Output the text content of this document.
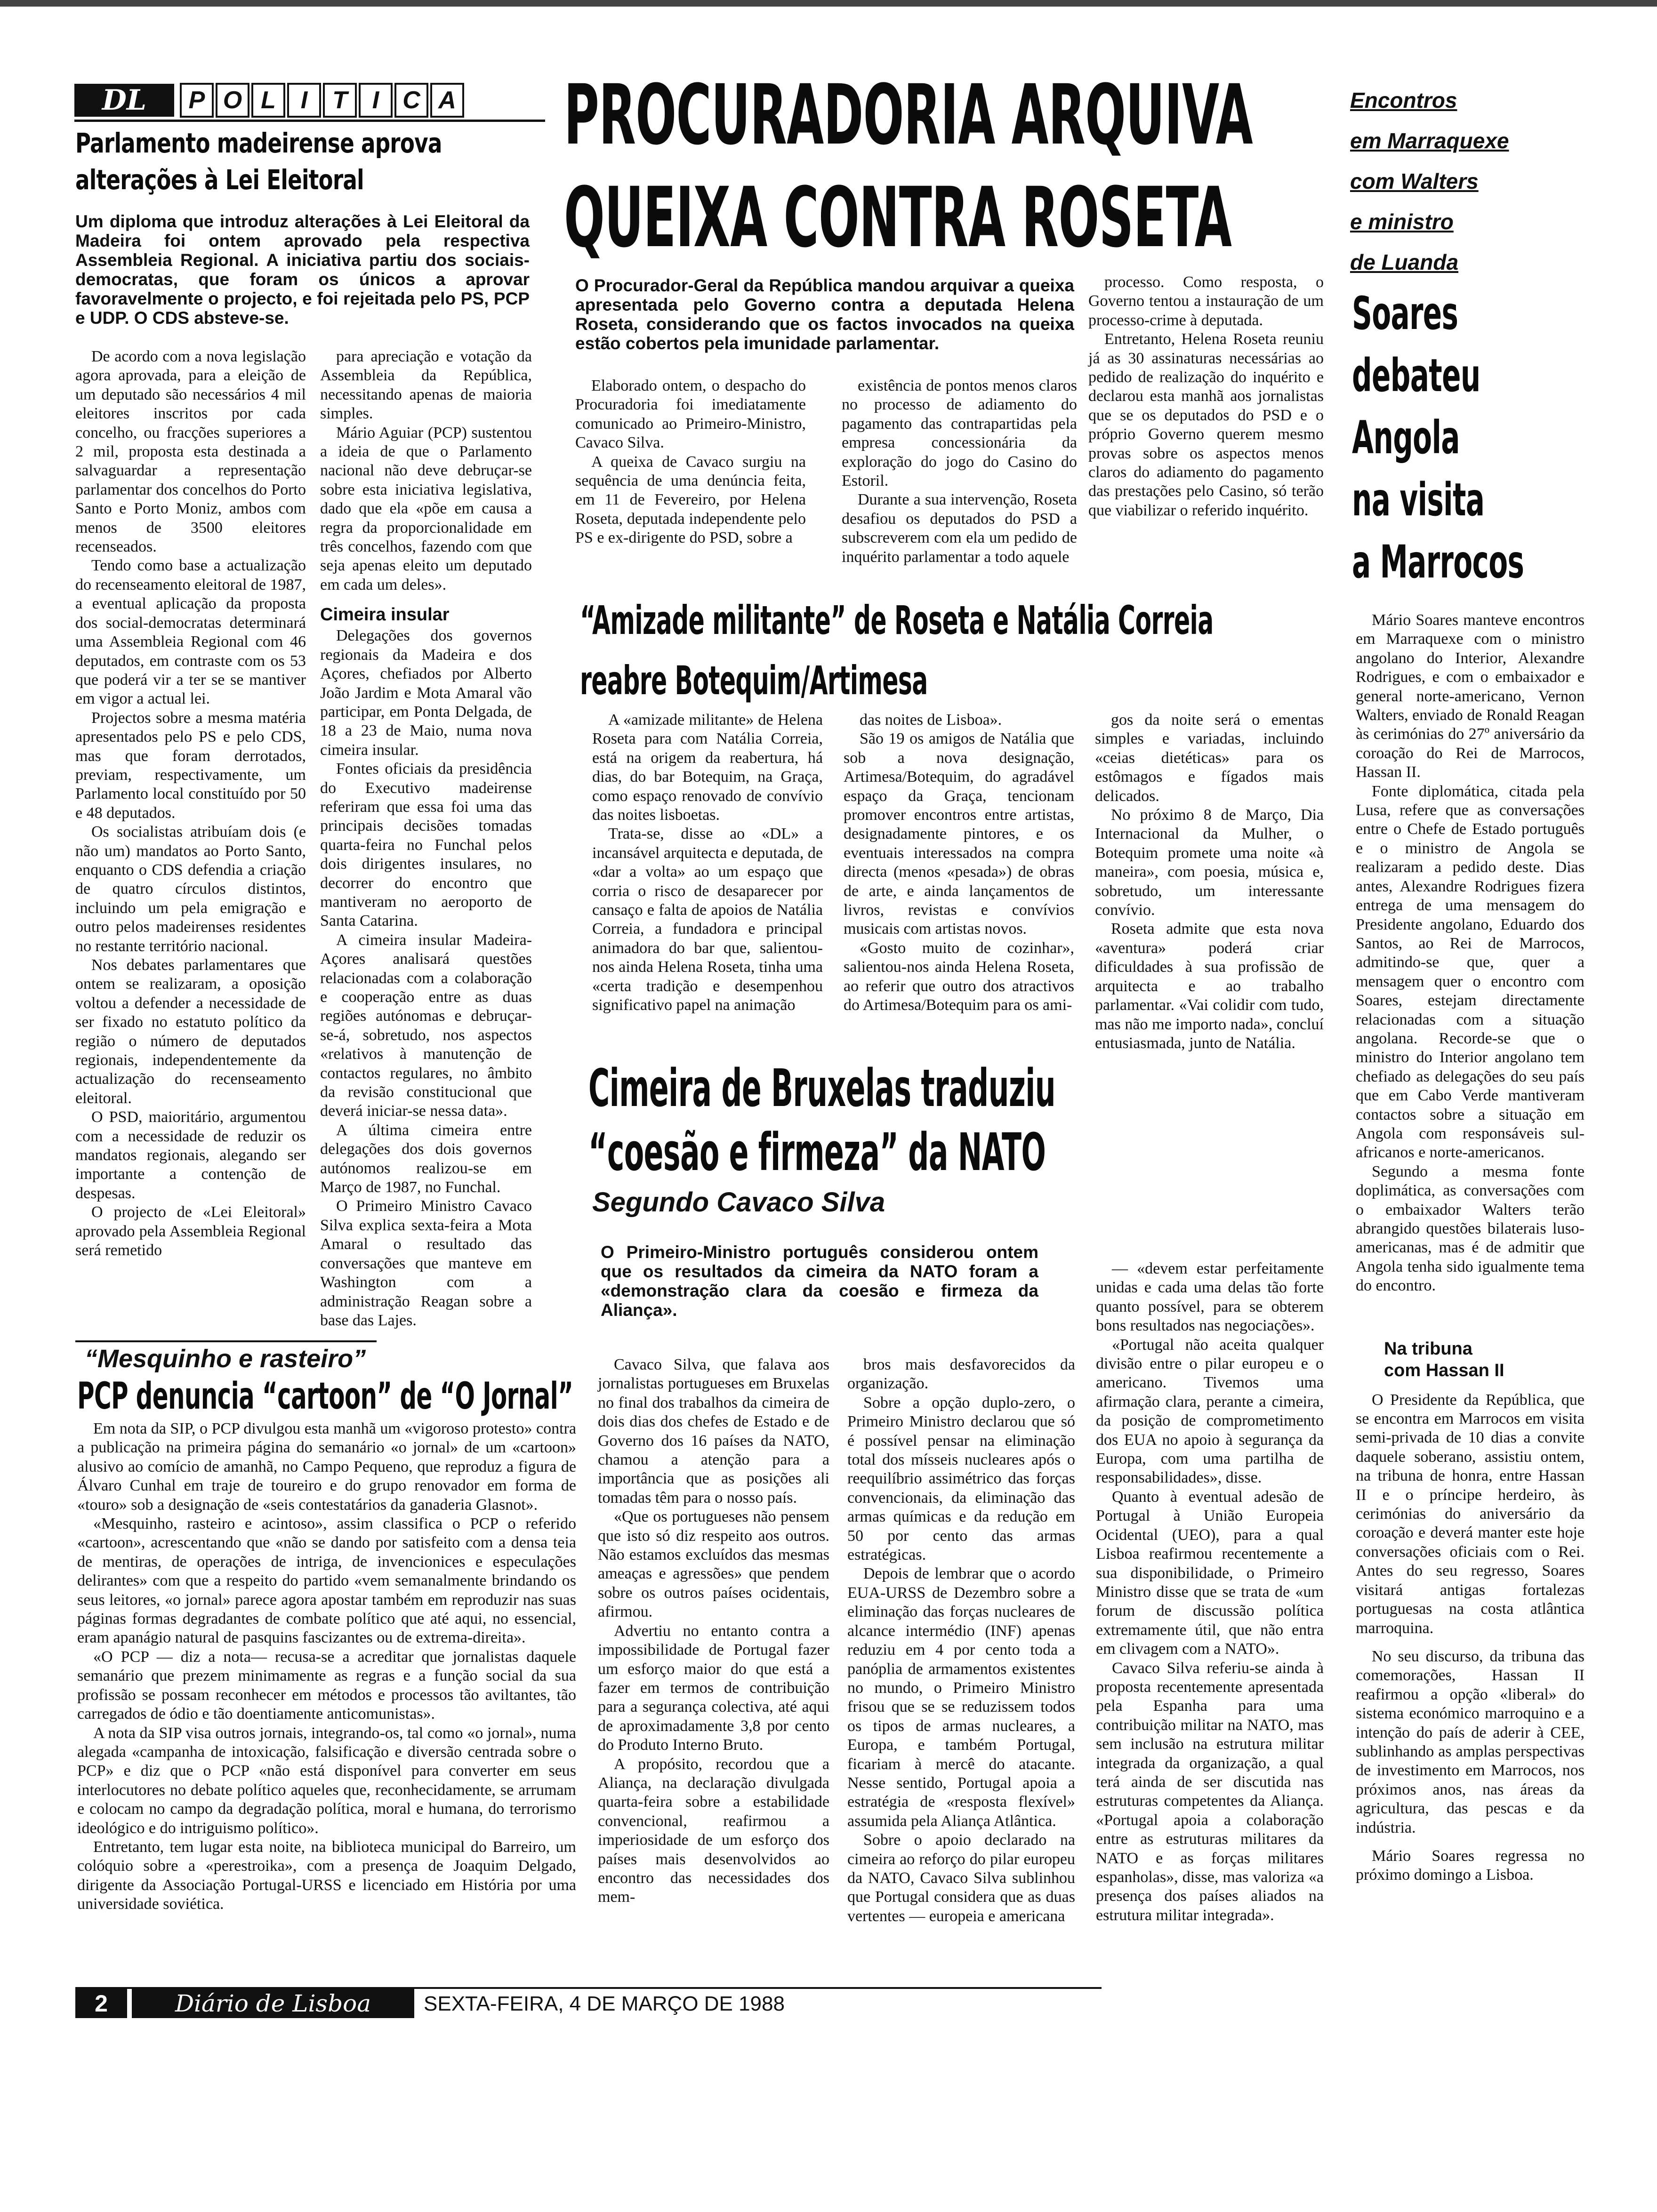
DL	P O L	I	T	I C A
Parlamento madeirense aprova
alterações à Lei Eleitoral
Um diploma que introduz alterações à Lei Eleitoral da Madeira foi ontem aprovado pela respectiva Assembleia Regional. A iniciativa partiu dos sociais-democratas, que foram os únicos a aprovar favoravelmente o projecto, e foi rejeitada pelo PS, PCP e UDP. O CDS absteve-se.

De acordo com a nova legislação agora aprovada, para a eleição de um deputado são necessários 4 mil eleitores inscritos por cada concelho, ou fracções superiores a 2 mil, proposta esta destinada a salvaguardar a representação parlamentar dos concelhos do Porto Santo e Porto Moniz, ambos com menos de 3500 eleitores recenseados.

Tendo como base a actualização do recenseamento eleitoral de 1987, a eventual aplicação da proposta dos social-democratas determinará uma Assembleia Regional com 46 deputados, em contraste com os 53 que poderá vir a ter se se mantiver em vigor a actual lei.

Projectos sobre a mesma matéria apresentados pelo PS e pelo CDS, mas que foram derrotados, previam, respectivamente, um Parlamento local constituído por 50 e 48 deputados.

Os socialistas atribuíam dois (e não um) mandatos ao Porto Santo, enquanto o CDS defendia a criação de quatro círculos distintos, incluindo um pela emigração e outro pelos madeirenses residentes no restante território nacional.

Nos debates parlamentares que ontem se realizaram, a oposição voltou a defender a necessidade de ser fixado no estatuto político da região o número de deputados regionais, independentemente da actualização do recenseamento eleitoral.

O PSD, maioritário, argumentou com a necessidade de reduzir os mandatos regionais, alegando ser importante a contenção de despesas.

O projecto de «Lei Eleitoral» aprovado pela Assembleia Regional será remetido

para apreciação e votação da Assembleia da República, necessitando apenas de maioria simples.

Mário Aguiar (PCP) sustentou a ideia de que o Parlamento nacional não deve debruçar-se sobre esta iniciativa legislativa, dado que ela «põe em causa a regra da proporcionalidade em três concelhos, fazendo com que seja apenas eleito um deputado em cada um deles».

Cimeira insular

Delegações dos governos regionais da Madeira e dos Açores, chefiados por Alberto João Jardim e Mota Amaral vão participar, em Ponta Delgada, de 18 a 23 de Maio, numa nova cimeira insular.

Fontes oficiais da presidência do Executivo madeirense referiram que essa foi uma das principais decisões tomadas quarta-feira no Funchal pelos dois dirigentes insulares, no decorrer do encontro que mantiveram no aeroporto de Santa Catarina.

A cimeira insular Madeira-Açores analisará questões relacionadas com a colaboração e cooperação entre as duas regiões autónomas e debruçar-se-á, sobretudo, nos aspectos «relativos à manutenção de contactos regulares, no âmbito da revisão constitucional que deverá iniciar-se nessa data».

A última cimeira entre delegações dos dois governos autónomos realizou-se em Março de 1987, no Funchal.

O Primeiro Ministro Cavaco Silva explica sexta-feira a Mota Amaral o resultado das conversações que manteve em Washington com a administração Reagan sobre a base das Lajes.

PROCURADORIA ARQUIVA
QUEIXA CONTRA ROSETA
O Procurador-Geral da República mandou arquivar a queixa apresentada pelo Governo contra a deputada Helena Roseta, considerando que os factos invocados na queixa estão cobertos pela imunidade parlamentar.

Elaborado ontem, o despacho do Procuradoria foi imediatamente comunicado ao Primeiro-Ministro, Cavaco Silva.

A queixa de Cavaco surgiu na sequência de uma denúncia feita, em 11 de Fevereiro, por Helena Roseta, deputada independente pelo PS e ex-dirigente do PSD, sobre a

existência de pontos menos claros no processo de adiamento do pagamento das contrapartidas pela empresa concessionária da exploração do jogo do Casino do Estoril.

Durante a sua intervenção, Roseta desafiou os deputados do PSD a subscreverem com ela um pedido de inquérito parlamentar a todo aquele

processo. Como resposta, o Governo tentou a instauração de um processo-crime à deputada.

Entretanto, Helena Roseta reuniu já as 30 assinaturas necessárias ao pedido de realização do inquérito e declarou esta manhã aos jornalistas que se os deputados do PSD e o próprio Governo querem mesmo provas sobre os aspectos menos claros do adiamento do pagamento das prestações pelo Casino, só terão que viabilizar o referido inquérito.

“Amizade militante” de Roseta e Natália Correia
reabre Botequim/Artimesa

A «amizade militante» de Helena Roseta para com Natália Correia, está na origem da reabertura, há dias, do bar Botequim, na Graça, como espaço renovado de convívio das noites lisboetas.

Trata-se, disse ao «DL» a incansável arquitecta e deputada, de «dar a volta» ao um espaço que corria o risco de desaparecer por cansaço e falta de apoios de Natália Correia, a fundadora e principal animadora do bar que, salientou-nos ainda Helena Roseta, tinha uma «certa tradição e desempenhou significativo papel na animação

das noites de Lisboa».

São 19 os amigos de Natália que sob a nova designação, Artimesa/Botequim, do agradável espaço da Graça, tencionam promover encontros entre artistas, designadamente pintores, e os eventuais interessados na compra directa (menos «pesada») de obras de arte, e ainda lançamentos de livros, revistas e convívios musicais com artistas novos.

«Gosto muito de cozinhar», salientou-nos ainda Helena Roseta, ao referir que outro dos atractivos do Artimesa/Botequim para os ami-

gos da noite será o ementas simples e variadas, incluindo «ceias dietéticas» para os estômagos e fígados mais delicados.

No próximo 8 de Março, Dia Internacional da Mulher, o Botequim promete uma noite «à maneira», com poesia, música e, sobretudo, um interessante convívio.

Roseta admite que esta nova «aventura» poderá criar dificuldades à sua profissão de arquitecta e ao trabalho parlamentar. «Vai colidir com tudo, mas não me importo nada», concluí entusiasmada, junto de Natália.

Cimeira de Bruxelas traduziu
“coesão e firmeza” da NATO
Segundo Cavaco Silva
O Primeiro-Ministro português considerou ontem que os resultados da cimeira da NATO foram a «demonstração clara da coesão e firmeza da Aliança».

Cavaco Silva, que falava aos jornalistas portugueses em Bruxelas no final dos trabalhos da cimeira de dois dias dos chefes de Estado e de Governo dos 16 países da NATO, chamou a atenção para a importância que as posições ali tomadas têm para o nosso país.

«Que os portugueses não pensem que isto só diz respeito aos outros. Não estamos excluídos das mesmas ameaças e agressões» que pendem sobre os outros países ocidentais, afirmou.

Advertiu no entanto contra a impossibilidade de Portugal fazer um esforço maior do que está a fazer em termos de contribuição para a segurança colectiva, até aqui de aproximadamente 3,8 por cento do Produto Interno Bruto.

A propósito, recordou que a Aliança, na declaração divulgada quarta-feira sobre a estabilidade convencional, reafirmou a imperiosidade de um esforço dos países mais desenvolvidos ao encontro das necessidades dos mem-

bros mais desfavorecidos da organização.

Sobre a opção duplo-zero, o Primeiro Ministro declarou que só é possível pensar na eliminação total dos mísseis nucleares após o reequilíbrio assimétrico das forças convencionais, da eliminação das armas químicas e da redução em 50 por cento das armas estratégicas.

Depois de lembrar que o acordo EUA-URSS de Dezembro sobre a eliminação das forças nucleares de alcance intermédio (INF) apenas reduziu em 4 por cento toda a panóplia de armamentos existentes no mundo, o Primeiro Ministro frisou que se se reduzissem todos os tipos de armas nucleares, a Europa, e também Portugal, ficariam à mercê do atacante. Nesse sentido, Portugal apoia a estratégia de «resposta flexível» assumida pela Aliança Atlântica.

Sobre o apoio declarado na cimeira ao reforço do pilar europeu da NATO, Cavaco Silva sublinhou que Portugal considera que as duas vertentes — europeia e americana

— «devem estar perfeitamente unidas e cada uma delas tão forte quanto possível, para se obterem bons resultados nas negociações».

«Portugal não aceita qualquer divisão entre o pilar europeu e o americano. Tivemos uma afirmação clara, perante a cimeira, da posição de comprometimento dos EUA no apoio à segurança da Europa, com uma partilha de responsabilidades», disse.

Quanto à eventual adesão de Portugal à União Europeia Ocidental (UEO), para a qual Lisboa reafirmou recentemente a sua disponibilidade, o Primeiro Ministro disse que se trata de «um forum de discussão política extremamente útil, que não entra em clivagem com a NATO».

Cavaco Silva referiu-se ainda à proposta recentemente apresentada pela Espanha para uma contribuição militar na NATO, mas sem inclusão na estrutura militar integrada da organização, a qual terá ainda de ser discutida nas estruturas competentes da Aliança. «Portugal apoia a colaboração entre as estruturas militares da NATO e as forças militares espanholas», disse, mas valoriza «a presença dos países aliados na estrutura militar integrada».

“Mesquinho e rasteiro”
PCP denuncia “cartoon” de “O Jornal”

Em nota da SIP, o PCP divulgou esta manhã um «vigoroso protesto» contra a publicação na primeira página do semanário «o jornal» de um «cartoon» alusivo ao comício de amanhã, no Campo Pequeno, que reproduz a figura de Álvaro Cunhal em traje de toureiro e do grupo renovador em forma de «touro» sob a designação de «seis contestatários da ganaderia Glasnot».

«Mesquinho, rasteiro e acintoso», assim classifica o PCP o referido «cartoon», acrescentando que «não se dando por satisfeito com a densa teia de mentiras, de operações de intriga, de invencionices e especulações delirantes» com que a respeito do partido «vem semanalmente brindando os seus leitores, «o jornal» parece agora apostar também em reproduzir nas suas páginas formas degradantes de combate político que até aqui, no essencial, eram apanágio natural de pasquins fascizantes ou de extrema-direita».

«O PCP — diz a nota— recusa-se a acreditar que jornalistas daquele semanário que prezem minimamente as regras e a função social da sua profissão se possam reconhecer em métodos e processos tão aviltantes, tão carregados de ódio e tão doentiamente anticomunistas».

A nota da SIP visa outros jornais, integrando-os, tal como «o jornal», numa alegada «campanha de intoxicação, falsificação e diversão centrada sobre o PCP» e diz que o PCP «não está disponível para converter em seus interlocutores no debate político aqueles que, reconhecidamente, se arrumam e colocam no campo da degradação política, moral e humana, do terrorismo ideológico e do intriguismo político».

Entretanto, tem lugar esta noite, na biblioteca municipal do Barreiro, um colóquio sobre a «perestroika», com a presença de Joaquim Delgado, dirigente da Associação Portugal-URSS e licenciado em História por uma universidade soviética.

Encontros
em Marraquexe
com Walters
e ministro
de Luanda
Soares
debateu
Angola
na visita
a Marrocos

Mário Soares manteve encontros em Marraquexe com o ministro angolano do Interior, Alexandre Rodrigues, e com o embaixador e general norte-americano, Vernon Walters, enviado de Ronald Reagan às cerimónias do 27º aniversário da coroação do Rei de Marrocos, Hassan II.

Fonte diplomática, citada pela Lusa, refere que as conversações entre o Chefe de Estado português e o ministro de Angola se realizaram a pedido deste. Dias antes, Alexandre Rodrigues fizera entrega de uma mensagem do Presidente angolano, Eduardo dos Santos, ao Rei de Marrocos, admitindo-se que, quer a mensagem quer o encontro com Soares, estejam directamente relacionadas com a situação angolana. Recorde-se que o ministro do Interior angolano tem chefiado as delegações do seu país que em Cabo Verde mantiveram contactos sobre a situação em Angola com responsáveis sul-africanos e norte-americanos.

Segundo a mesma fonte doplimática, as conversações com o embaixador Walters terão abrangido questões bilaterais luso-americanas, mas é de admitir que Angola tenha sido igualmente tema do encontro.

Na tribuna
com Hassan II

O Presidente da República, que se encontra em Marrocos em visita semi-privada de 10 dias a convite daquele soberano, assistiu ontem, na tribuna de honra, entre Hassan II e o príncipe herdeiro, às cerimónias do aniversário da coroação e deverá manter este hoje conversações oficiais com o Rei. Antes do seu regresso, Soares visitará antigas fortalezas portuguesas na costa atlântica marroquina.

No seu discurso, da tribuna das comemorações, Hassan II reafirmou a opção «liberal» do sistema económico marroquino e a intenção do país de aderir à CEE, sublinhando as amplas perspectivas de investimento em Marrocos, nos próximos anos, nas áreas da agricultura, das pescas e da indústria.

Mário Soares regressa no próximo domingo a Lisboa.

2	Diário de Lisboa	SEXTA-FEIRA, 4 DE MARÇO DE 1988
